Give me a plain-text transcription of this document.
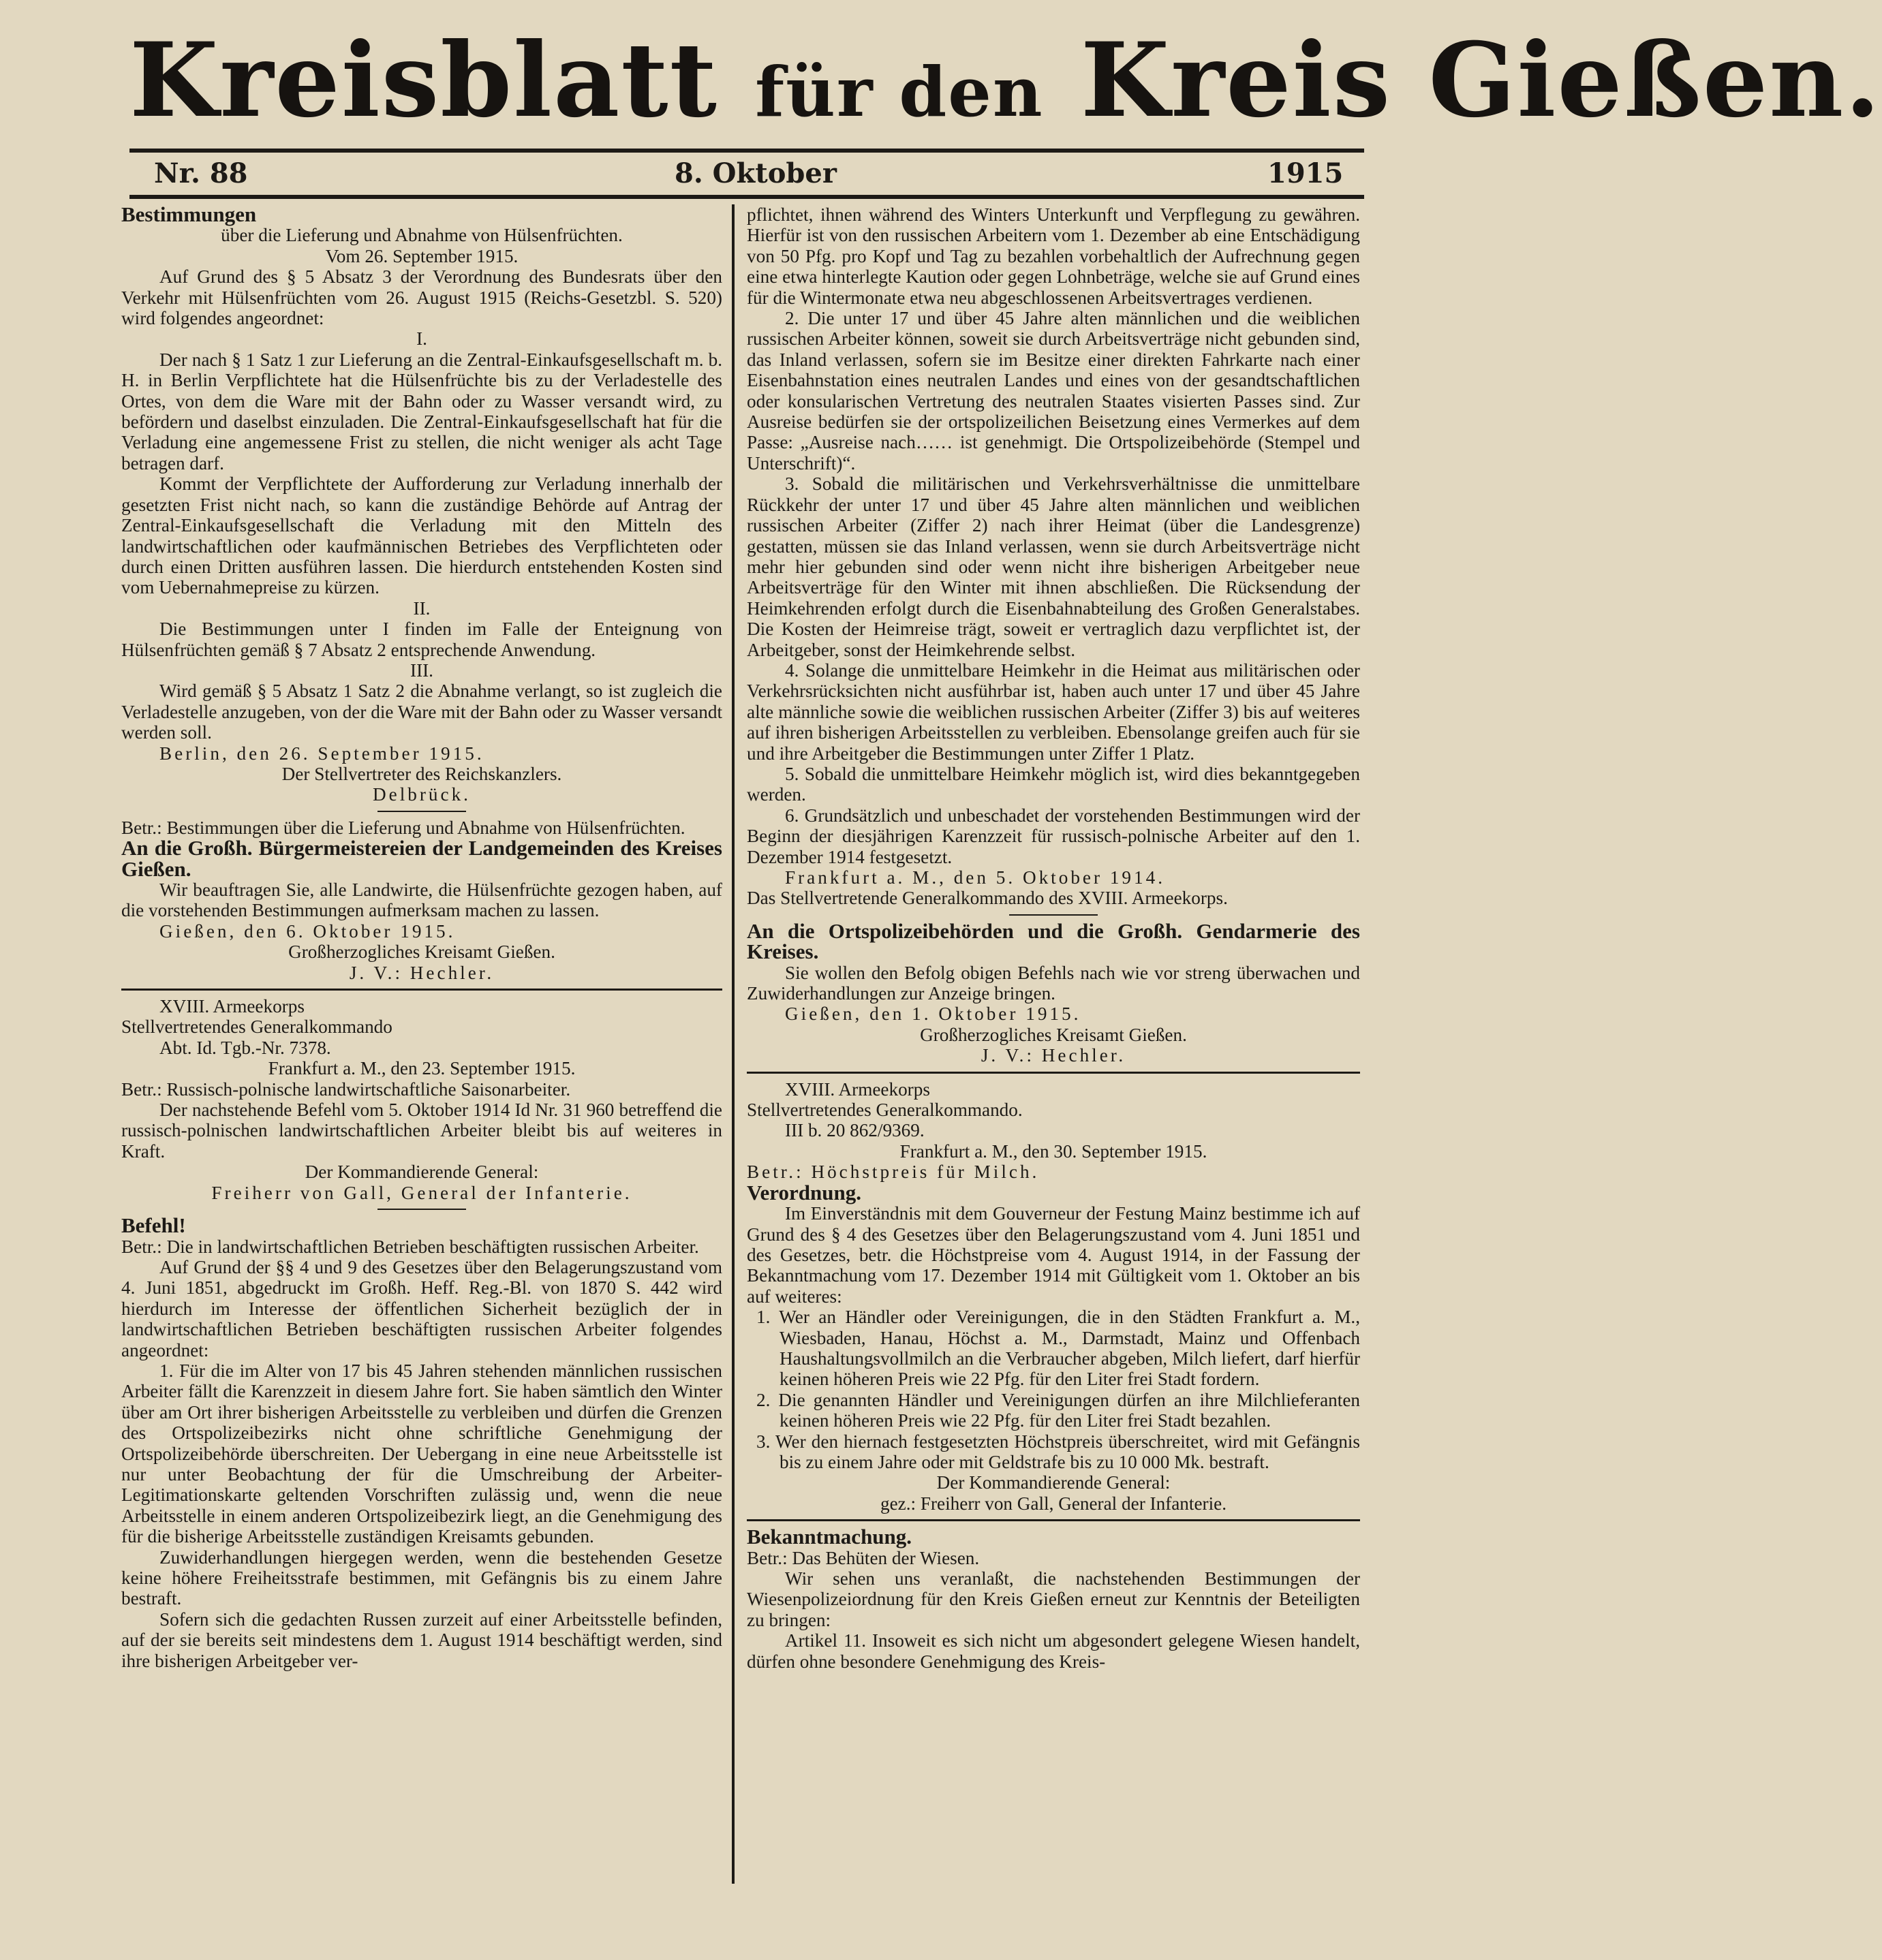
Kreisblatt für den Kreis Gießen.
Nr. 88	8. Oktober	1915

Bestimmungen

über die Lieferung und Abnahme von Hülsenfrüchten.

Vom 26. September 1915.

Auf Grund des § 5 Absatz 3 der Verordnung des Bundesrats über den Verkehr mit Hülsenfrüchten vom 26. August 1915 (Reichs-Gesetzbl. S. 520) wird folgendes angeordnet:

I.

Der nach § 1 Satz 1 zur Lieferung an die Zentral-Einkaufsgesellschaft m. b. H. in Berlin Verpflichtete hat die Hülsenfrüchte bis zu der Verladestelle des Ortes, von dem die Ware mit der Bahn oder zu Wasser versandt wird, zu befördern und daselbst einzuladen. Die Zentral-Einkaufsgesellschaft hat für die Verladung eine angemessene Frist zu stellen, die nicht weniger als acht Tage betragen darf.

Kommt der Verpflichtete der Aufforderung zur Verladung innerhalb der gesetzten Frist nicht nach, so kann die zuständige Behörde auf Antrag der Zentral-Einkaufsgesellschaft die Verladung mit den Mitteln des landwirtschaftlichen oder kaufmännischen Betriebes des Verpflichteten oder durch einen Dritten ausführen lassen. Die hierdurch entstehenden Kosten sind vom Uebernahmepreise zu kürzen.

II.

Die Bestimmungen unter I finden im Falle der Enteignung von Hülsenfrüchten gemäß § 7 Absatz 2 entsprechende Anwendung.

III.

Wird gemäß § 5 Absatz 1 Satz 2 die Abnahme verlangt, so ist zugleich die Verladestelle anzugeben, von der die Ware mit der Bahn oder zu Wasser versandt werden soll.

Berlin, den 26. September 1915.

Der Stellvertreter des Reichskanzlers.

Delbrück.

Betr.: Bestimmungen über die Lieferung und Abnahme von Hülsenfrüchten.

An die Großh. Bürgermeistereien der Landgemeinden des Kreises Gießen.

Wir beauftragen Sie, alle Landwirte, die Hülsenfrüchte gezogen haben, auf die vorstehenden Bestimmungen aufmerksam machen zu lassen.

Gießen, den 6. Oktober 1915.

Großherzogliches Kreisamt Gießen.

J. V.: Hechler.

XVIII. Armeekorps

Stellvertretendes Generalkommando

Abt. Id. Tgb.-Nr. 7378.

Frankfurt a. M., den 23. September 1915.

Betr.: Russisch-polnische landwirtschaftliche Saisonarbeiter.

Der nachstehende Befehl vom 5. Oktober 1914 Id Nr. 31 960 betreffend die russisch-polnischen landwirtschaftlichen Arbeiter bleibt bis auf weiteres in Kraft.

Der Kommandierende General:

Freiherr von Gall, General der Infanterie.

Befehl!

Betr.: Die in landwirtschaftlichen Betrieben beschäftigten russischen Arbeiter.

Auf Grund der §§ 4 und 9 des Gesetzes über den Belagerungszustand vom 4. Juni 1851, abgedruckt im Großh. Heff. Reg.-Bl. von 1870 S. 442 wird hierdurch im Interesse der öffentlichen Sicherheit bezüglich der in landwirtschaftlichen Betrieben beschäftigten russischen Arbeiter folgendes angeordnet:

1. Für die im Alter von 17 bis 45 Jahren stehenden männlichen russischen Arbeiter fällt die Karenzzeit in diesem Jahre fort. Sie haben sämtlich den Winter über am Ort ihrer bisherigen Arbeitsstelle zu verbleiben und dürfen die Grenzen des Ortspolizeibezirks nicht ohne schriftliche Genehmigung der Ortspolizeibehörde überschreiten. Der Uebergang in eine neue Arbeitsstelle ist nur unter Beobachtung der für die Umschreibung der Arbeiter-Legitimationskarte geltenden Vorschriften zulässig und, wenn die neue Arbeitsstelle in einem anderen Ortspolizeibezirk liegt, an die Genehmigung des für die bisherige Arbeitsstelle zuständigen Kreisamts gebunden.

Zuwiderhandlungen hiergegen werden, wenn die bestehenden Gesetze keine höhere Freiheitsstrafe bestimmen, mit Gefängnis bis zu einem Jahre bestraft.

Sofern sich die gedachten Russen zurzeit auf einer Arbeitsstelle befinden, auf der sie bereits seit mindestens dem 1. August 1914 beschäftigt werden, sind ihre bisherigen Arbeitgeber ver-

pflichtet, ihnen während des Winters Unterkunft und Verpflegung zu gewähren. Hierfür ist von den russischen Arbeitern vom 1. Dezember ab eine Entschädigung von 50 Pfg. pro Kopf und Tag zu bezahlen vorbehaltlich der Aufrechnung gegen eine etwa hinterlegte Kaution oder gegen Lohnbeträge, welche sie auf Grund eines für die Wintermonate etwa neu abgeschlossenen Arbeitsvertrages verdienen.

2. Die unter 17 und über 45 Jahre alten männlichen und die weiblichen russischen Arbeiter können, soweit sie durch Arbeitsverträge nicht gebunden sind, das Inland verlassen, sofern sie im Besitze einer direkten Fahrkarte nach einer Eisenbahnstation eines neutralen Landes und eines von der gesandtschaftlichen oder konsularischen Vertretung des neutralen Staates visierten Passes sind. Zur Ausreise bedürfen sie der ortspolizeilichen Beisetzung eines Vermerkes auf dem Passe: „Ausreise nach…… ist genehmigt. Die Ortspolizeibehörde (Stempel und Unterschrift)“.

3. Sobald die militärischen und Verkehrsverhältnisse die unmittelbare Rückkehr der unter 17 und über 45 Jahre alten männlichen und weiblichen russischen Arbeiter (Ziffer 2) nach ihrer Heimat (über die Landesgrenze) gestatten, müssen sie das Inland verlassen, wenn sie durch Arbeitsverträge nicht mehr hier gebunden sind oder wenn nicht ihre bisherigen Arbeitgeber neue Arbeitsverträge für den Winter mit ihnen abschließen. Die Rücksendung der Heimkehrenden erfolgt durch die Eisenbahnabteilung des Großen Generalstabes. Die Kosten der Heimreise trägt, soweit er vertraglich dazu verpflichtet ist, der Arbeitgeber, sonst der Heimkehrende selbst.

4. Solange die unmittelbare Heimkehr in die Heimat aus militärischen oder Verkehrsrücksichten nicht ausführbar ist, haben auch unter 17 und über 45 Jahre alte männliche sowie die weiblichen russischen Arbeiter (Ziffer 3) bis auf weiteres auf ihren bisherigen Arbeitsstellen zu verbleiben. Ebensolange greifen auch für sie und ihre Arbeitgeber die Bestimmungen unter Ziffer 1 Platz.

5. Sobald die unmittelbare Heimkehr möglich ist, wird dies bekanntgegeben werden.

6. Grundsätzlich und unbeschadet der vorstehenden Bestimmungen wird der Beginn der diesjährigen Karenzzeit für russisch-polnische Arbeiter auf den 1. Dezember 1914 festgesetzt.

Frankfurt a. M., den 5. Oktober 1914.

Das Stellvertretende Generalkommando des XVIII. Armeekorps.

An die Ortspolizeibehörden und die Großh. Gendarmerie des Kreises.

Sie wollen den Befolg obigen Befehls nach wie vor streng überwachen und Zuwiderhandlungen zur Anzeige bringen.

Gießen, den 1. Oktober 1915.

Großherzogliches Kreisamt Gießen.

J. V.: Hechler.

XVIII. Armeekorps

Stellvertretendes Generalkommando.

III b. 20 862/9369.

Frankfurt a. M., den 30. September 1915.

Betr.: Höchstpreis für Milch.

Verordnung.

Im Einverständnis mit dem Gouverneur der Festung Mainz bestimme ich auf Grund des § 4 des Gesetzes über den Belagerungszustand vom 4. Juni 1851 und des Gesetzes, betr. die Höchstpreise vom 4. August 1914, in der Fassung der Bekanntmachung vom 17. Dezember 1914 mit Gültigkeit vom 1. Oktober an bis auf weiteres:

1. Wer an Händler oder Vereinigungen, die in den Städten Frankfurt a. M., Wiesbaden, Hanau, Höchst a. M., Darmstadt, Mainz und Offenbach Haushaltungsvollmilch an die Verbraucher abgeben, Milch liefert, darf hierfür keinen höheren Preis wie 22 Pfg. für den Liter frei Stadt fordern.

2. Die genannten Händler und Vereinigungen dürfen an ihre Milchlieferanten keinen höheren Preis wie 22 Pfg. für den Liter frei Stadt bezahlen.

3. Wer den hiernach festgesetzten Höchstpreis überschreitet, wird mit Gefängnis bis zu einem Jahre oder mit Geldstrafe bis zu 10 000 Mk. bestraft.

Der Kommandierende General:

gez.: Freiherr von Gall, General der Infanterie.

Bekanntmachung.

Betr.: Das Behüten der Wiesen.

Wir sehen uns veranlaßt, die nachstehenden Bestimmungen der Wiesenpolizeiordnung für den Kreis Gießen erneut zur Kenntnis der Beteiligten zu bringen:

Artikel 11. Insoweit es sich nicht um abgesondert gelegene Wiesen handelt, dürfen ohne besondere Genehmigung des Kreis-
